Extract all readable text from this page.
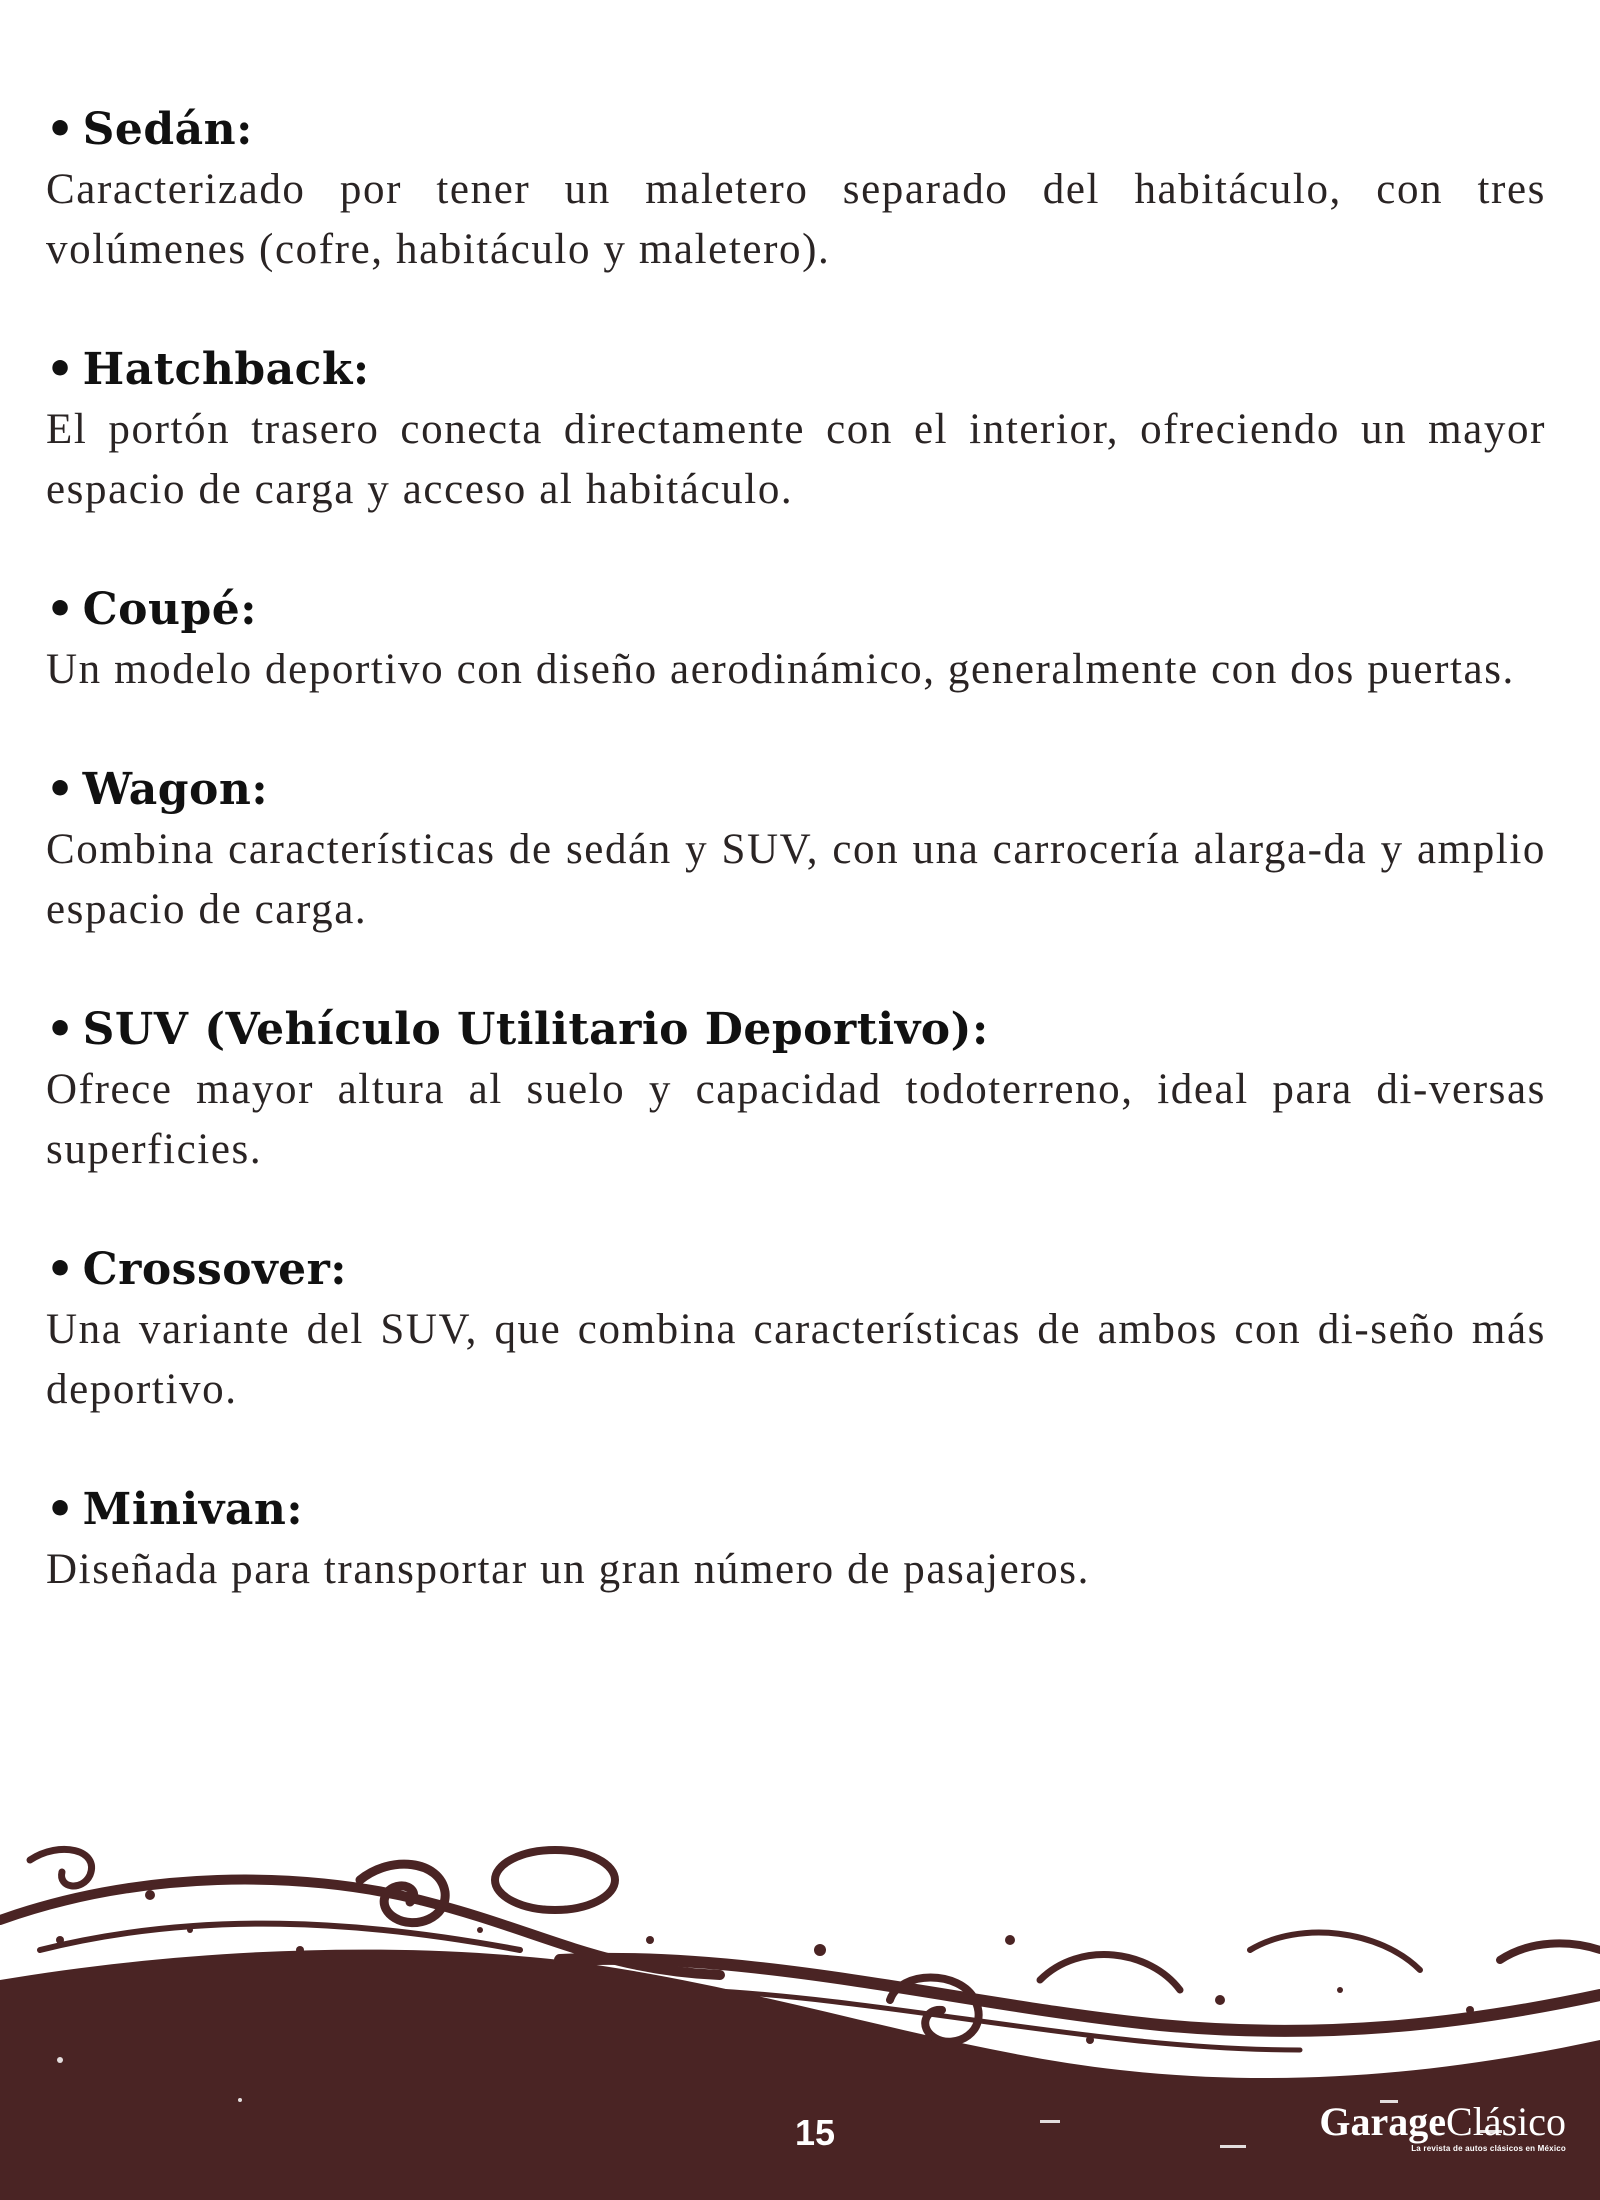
• Sedán:
Caracterizado por tener un maletero separado del habitáculo, con tres volúmenes (cofre, habitáculo y maletero).
• Hatchback:
El portón trasero conecta directamente con el interior, ofreciendo un mayor espacio de carga y acceso al habitáculo.
• Coupé:
Un modelo deportivo con diseño aerodinámico, generalmente con dos puertas.
• Wagon:
Combina características de sedán y SUV, con una carrocería alarga-da y amplio espacio de carga.
• SUV (Vehículo Utilitario Deportivo):
Ofrece mayor altura al suelo y capacidad todoterreno, ideal para di-versas superficies.
• Crossover:
Una variante del SUV, que combina características de ambos con di-seño más deportivo.
• Minivan:
Diseñada para transportar un gran número de pasajeros.
15	GarageClásico
La revista de autos clásicos en México
